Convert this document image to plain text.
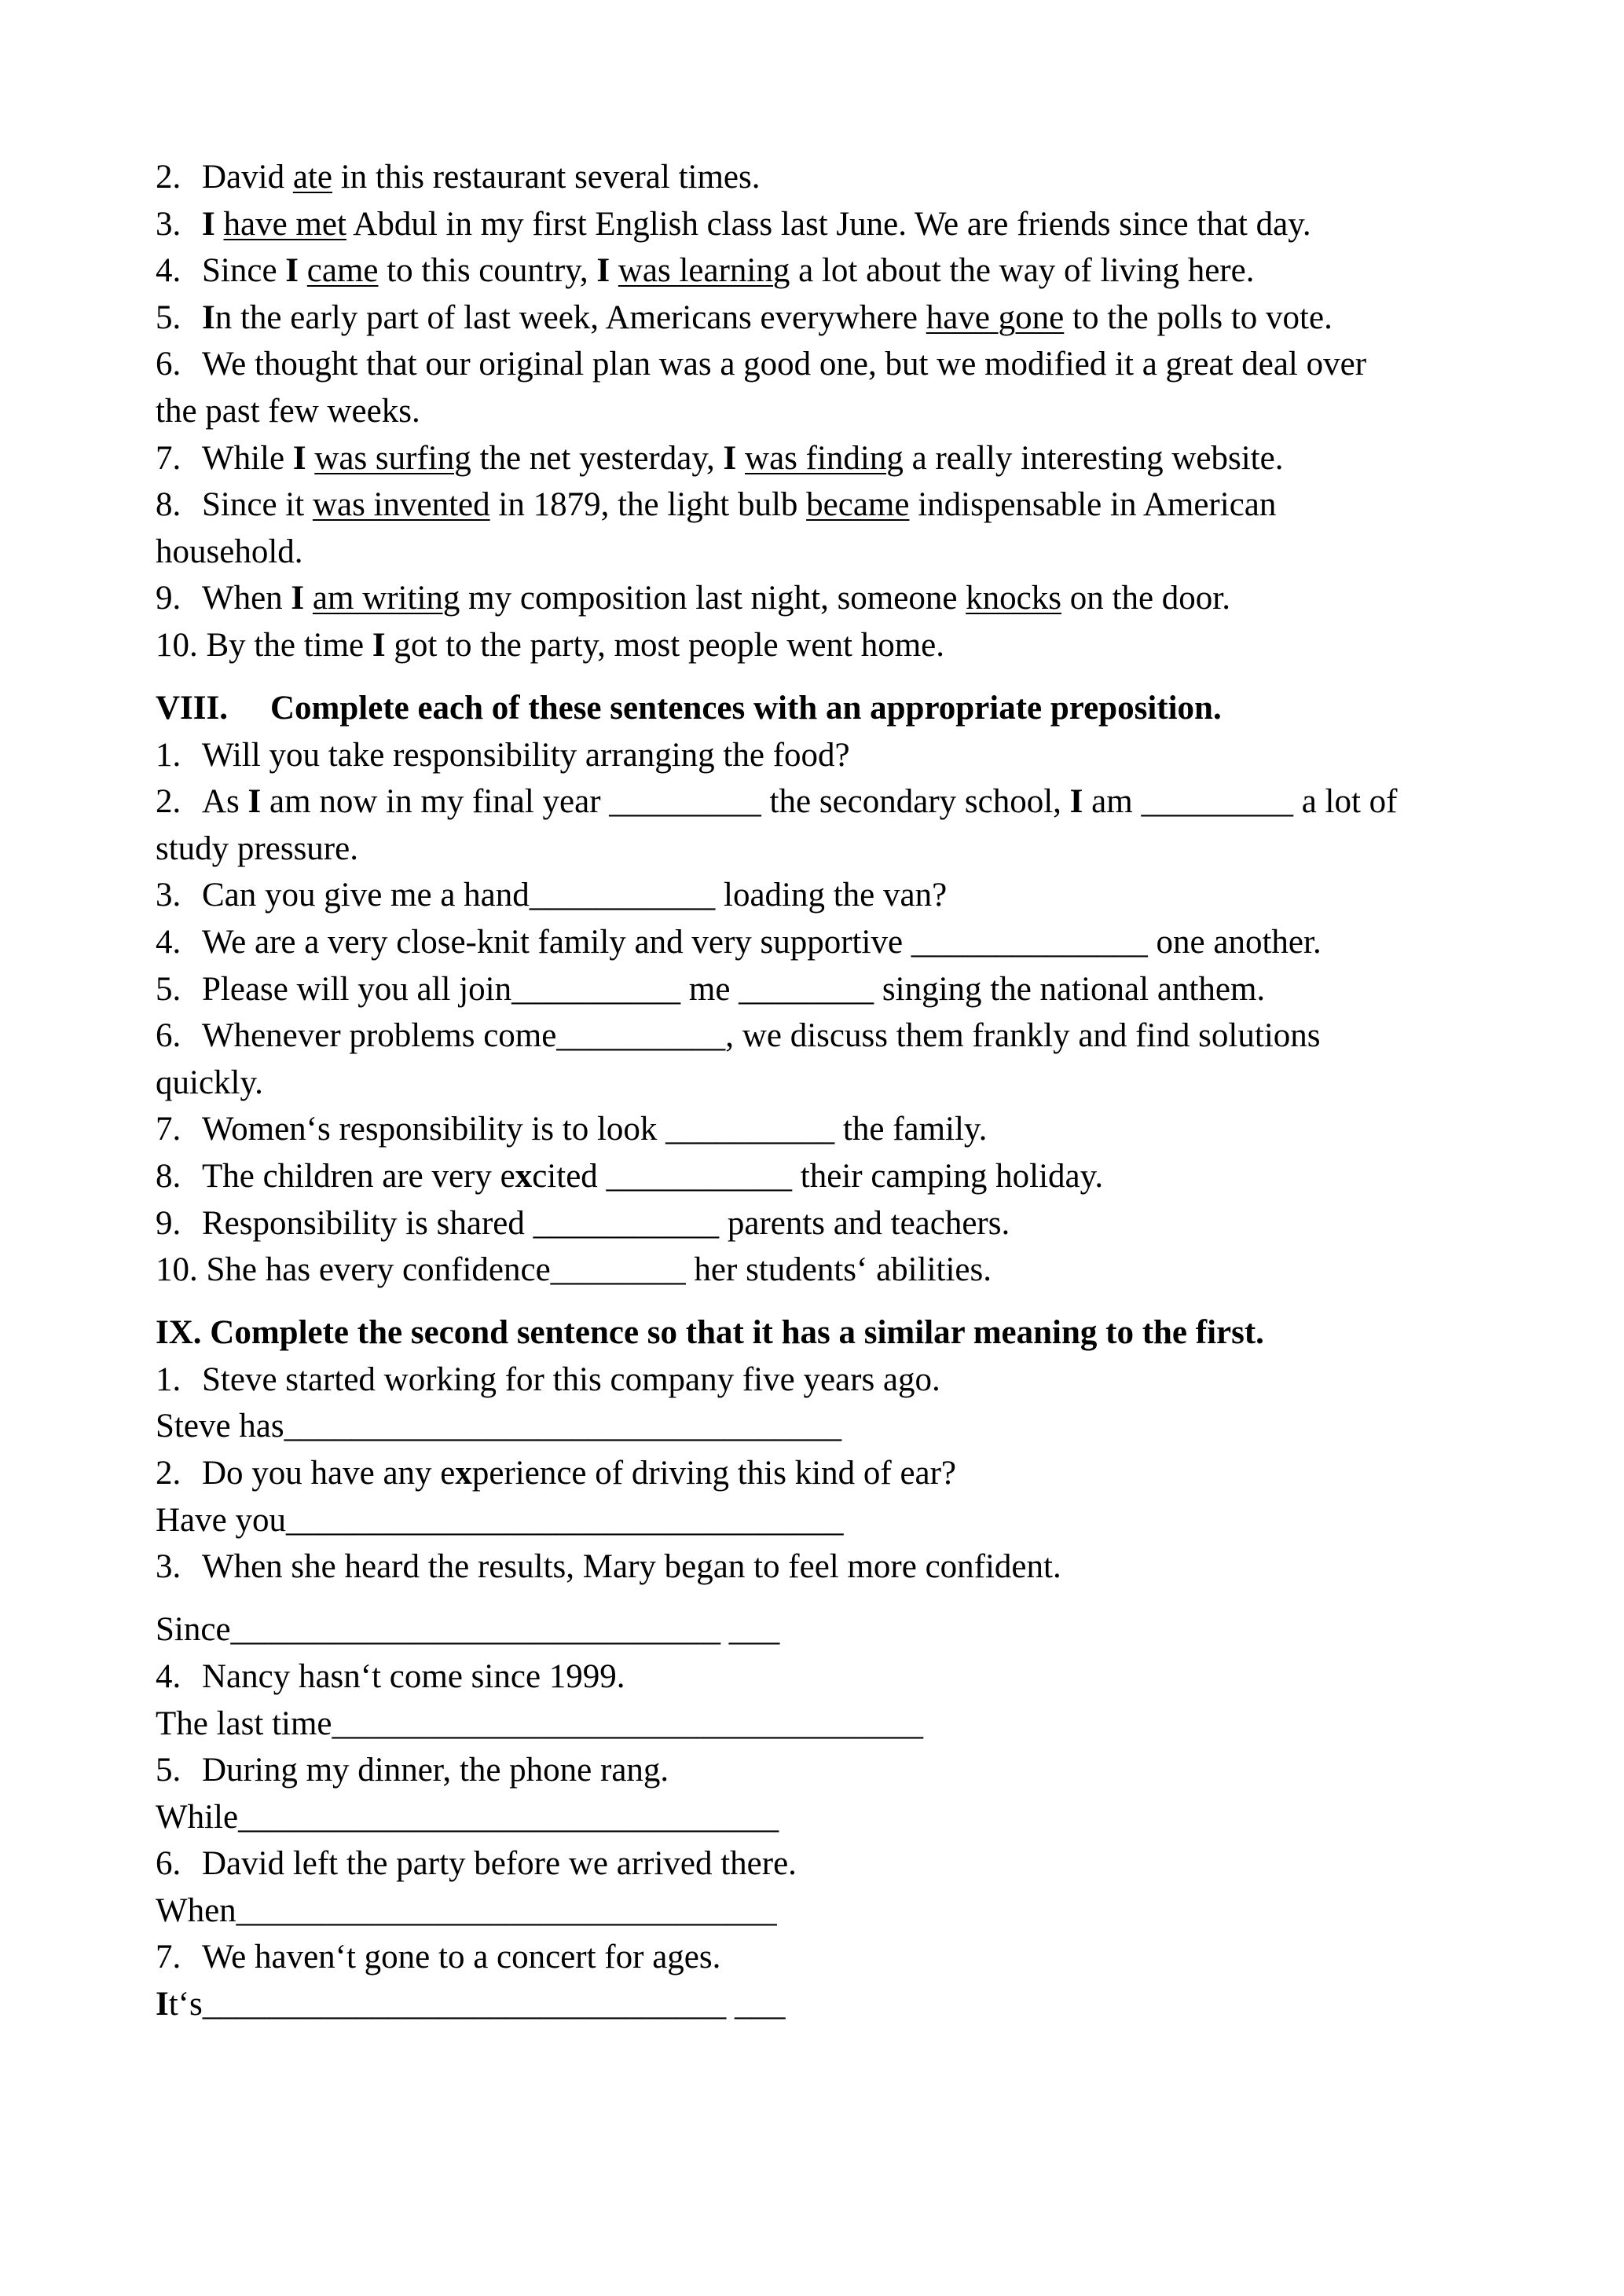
2. David ate in this restaurant several times.
3. I have met Abdul in my first English class last June. We are friends since that day.
4. Since I came to this country, I was learning a lot about the way of living here.
5. In the early part of last week, Americans everywhere have gone to the polls to vote.
6. We thought that our original plan was a good one, but we modified it a great deal over
the past few weeks.
7. While I was surfing the net yesterday, I was finding a really interesting website.
8. Since it was invented in 1879, the light bulb became indispensable in American
household.
9. When I am writing my composition last night, someone knocks on the door.
10. By the time I got to the party, most people went home.
VIII. Complete each of these sentences with an appropriate preposition.
1. Will you take responsibility arranging the food?
2. As I am now in my final year _________ the secondary school, I am _________ a lot of
study pressure.
3. Can you give me a hand___________ loading the van?
4. We are a very close-knit family and very supportive ______________ one another.
5. Please will you all join__________ me ________ singing the national anthem.
6. Whenever problems come__________, we discuss them frankly and find solutions
quickly.
7. Women‘s responsibility is to look __________ the family.
8. The children are very excited ___________ their camping holiday.
9. Responsibility is shared ___________ parents and teachers.
10. She has every confidence________ her students‘ abilities.
IX. Complete the second sentence so that it has a similar meaning to the first.
1. Steve started working for this company five years ago.
Steve has_________________________________
2. Do you have any experience of driving this kind of ear?
Have you_________________________________
3. When she heard the results, Mary began to feel more confident.
Since_____________________________ ___
4. Nancy hasn‘t come since 1999.
The last time___________________________________
5. During my dinner, the phone rang.
While________________________________
6. David left the party before we arrived there.
When________________________________
7. We haven‘t gone to a concert for ages.
It‘s_______________________________ ___
